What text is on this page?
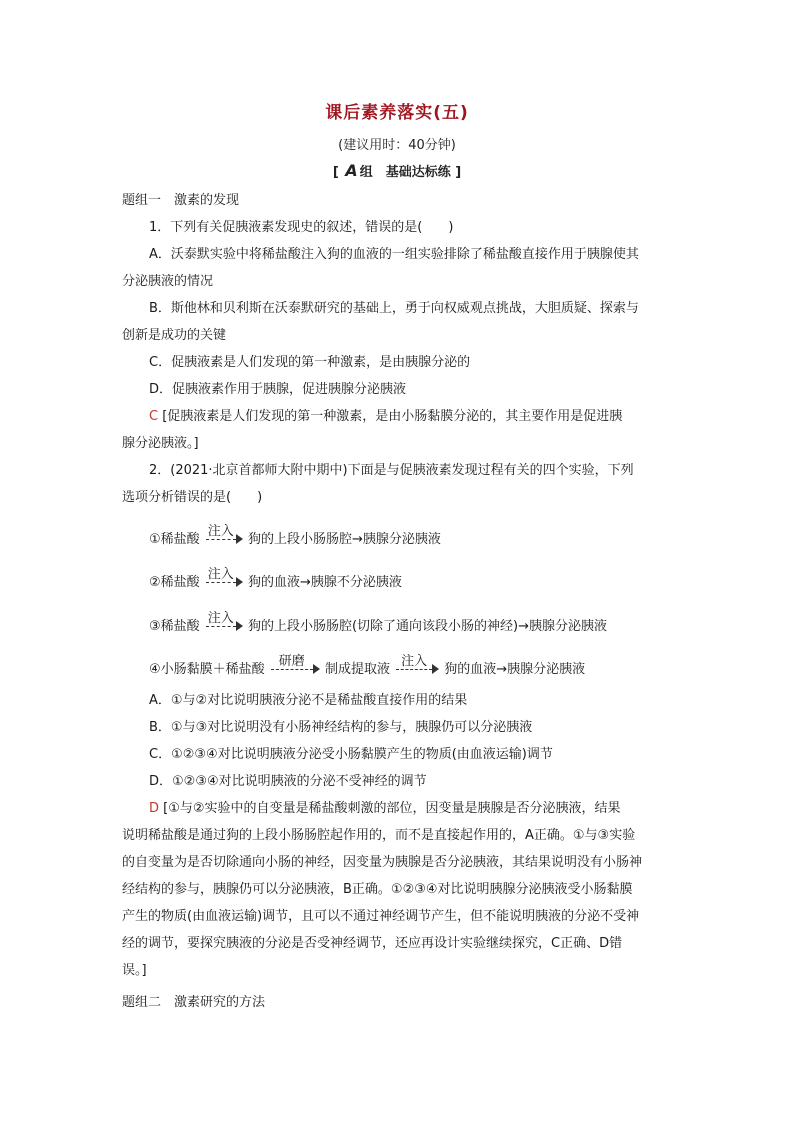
课后素养落实(五)
(建议用时：40分钟)
[ A 组　基础达标练 ]
题组一　激素的发现
1．下列有关促胰液素发现史的叙述，错误的是(　　)
A．沃泰默实验中将稀盐酸注入狗的血液的一组实验排除了稀盐酸直接作用于胰腺使其
分泌胰液的情况
B．斯他林和贝利斯在沃泰默研究的基础上，勇于向权威观点挑战，大胆质疑、探索与
创新是成功的关键
C．促胰液素是人们发现的第一种激素，是由胰腺分泌的
D．促胰液素作用于胰腺，促进胰腺分泌胰液
C [促胰液素是人们发现的第一种激素，是由小肠黏膜分泌的，其主要作用是促进胰
腺分泌胰液。]
2．(2021·北京首都师大附中期中)下面是与促胰液素发现过程有关的四个实验，下列
选项分析错误的是(　　)
①稀盐酸
注入
狗的上段小肠肠腔→胰腺分泌胰液
②稀盐酸
注入
狗的血液→胰腺不分泌胰液
③稀盐酸
注入
狗的上段小肠肠腔(切除了通向该段小肠的神经)→胰腺分泌胰液
④小肠黏膜＋稀盐酸
研磨
制成提取液
注入
狗的血液→胰腺分泌胰液
A．①与②对比说明胰液分泌不是稀盐酸直接作用的结果
B．①与③对比说明没有小肠神经结构的参与，胰腺仍可以分泌胰液
C．①②③④对比说明胰液分泌受小肠黏膜产生的物质(由血液运输)调节
D．①②③④对比说明胰液的分泌不受神经的调节
D [①与②实验中的自变量是稀盐酸刺激的部位，因变量是胰腺是否分泌胰液，结果
说明稀盐酸是通过狗的上段小肠肠腔起作用的，而不是直接起作用的，A正确。①与③实验
的自变量为是否切除通向小肠的神经，因变量为胰腺是否分泌胰液，其结果说明没有小肠神
经结构的参与，胰腺仍可以分泌胰液，B正确。①②③④对比说明胰腺分泌胰液受小肠黏膜
产生的物质(由血液运输)调节，且可以不通过神经调节产生，但不能说明胰液的分泌不受神
经的调节，要探究胰液的分泌是否受神经调节，还应再设计实验继续探究，C正确、D错
误。]
题组二　激素研究的方法
